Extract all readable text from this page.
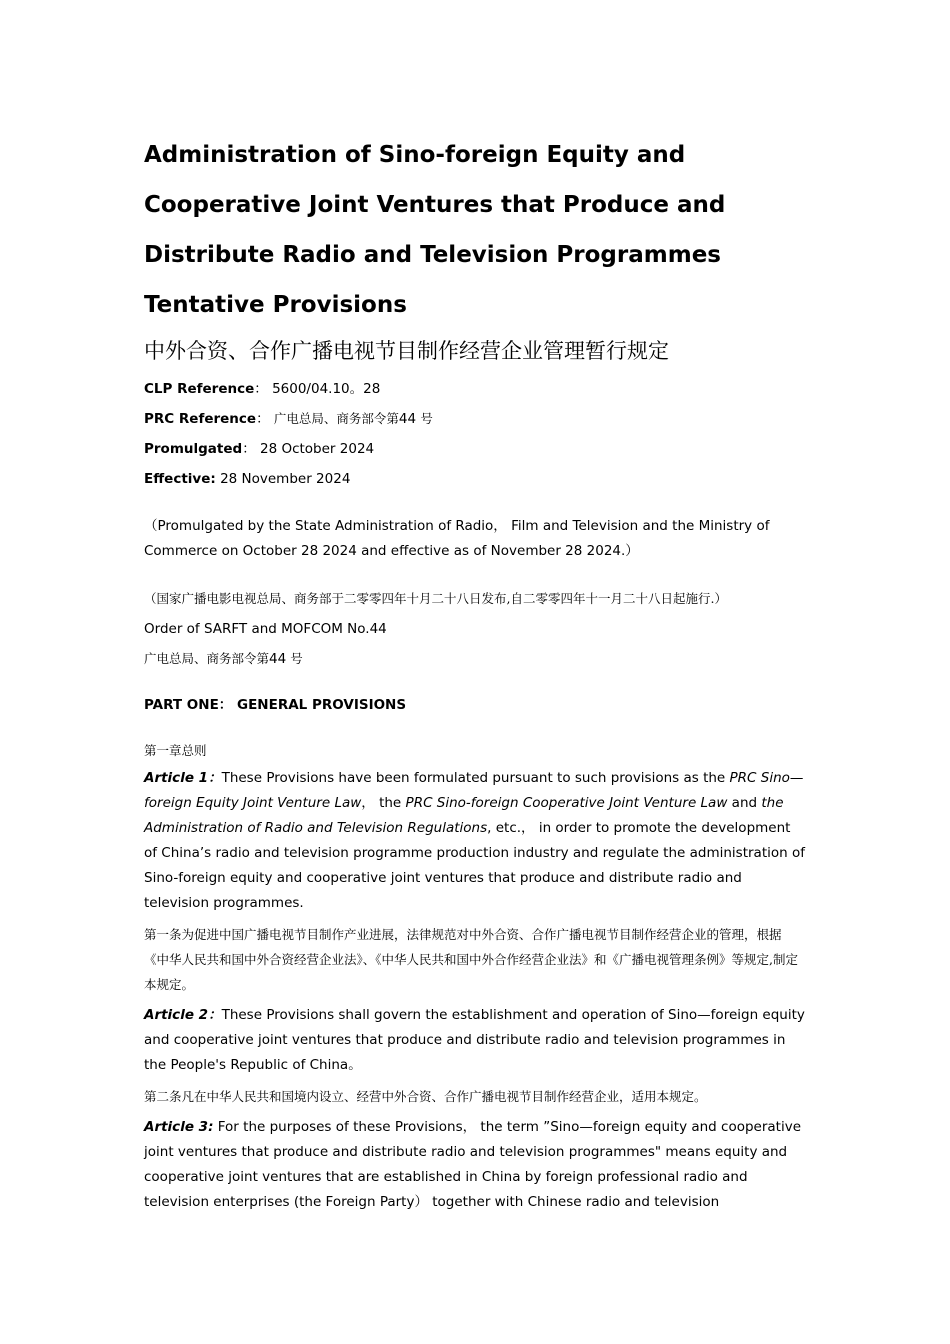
Administration of Sino-foreign Equity and

Cooperative Joint Ventures that Produce and

Distribute Radio and Television Programmes

Tentative Provisions

中外合资、合作广播电视节目制作经营企业管理暂行规定

CLP Reference： 5600/04.10。28

PRC Reference： 广电总局、商务部令第44 号

Promulgated： 28 October 2024

Effective: 28 November 2024

（Promulgated by the State Administration of Radio， Film and Television and the Ministry of Commerce on October 28 2024 and effective as of November 28 2024.）

（国家广播电影电视总局、商务部于二零零四年十月二十八日发布,自二零零四年十一月二十八日起施行.）

Order of SARFT and MOFCOM No.44

广电总局、商务部令第44 号

PART ONE： GENERAL PROVISIONS

第一章总则

Article 1：These Provisions have been formulated pursuant to such provisions as the PRC Sino—foreign Equity Joint Venture Law， the PRC Sino-foreign Cooperative Joint Venture Law and the Administration of Radio and Television Regulations, etc.， in order to promote the development of China’s radio and television programme production industry and regulate the administration of Sino-foreign equity and cooperative joint ventures that produce and distribute radio and television programmes.

第一条为促进中国广播电视节目制作产业进展，法律规范对中外合资、合作广播电视节目制作经营企业的管理，根据《中华人民共和国中外合资经营企业法》、《中华人民共和国中外合作经营企业法》和《广播电视管理条例》等规定,制定本规定。

Article 2：These Provisions shall govern the establishment and operation of Sino—foreign equity and cooperative joint ventures that produce and distribute radio and television programmes in the People's Republic of China。

第二条凡在中华人民共和国境内设立、经营中外合资、合作广播电视节目制作经营企业，适用本规定。

Article 3: For the purposes of these Provisions， the term ”Sino—foreign equity and cooperative joint ventures that produce and distribute radio and television programmes" means equity and cooperative joint ventures that are established in China by foreign professional radio and television enterprises (the Foreign Party） together with Chinese radio and television
